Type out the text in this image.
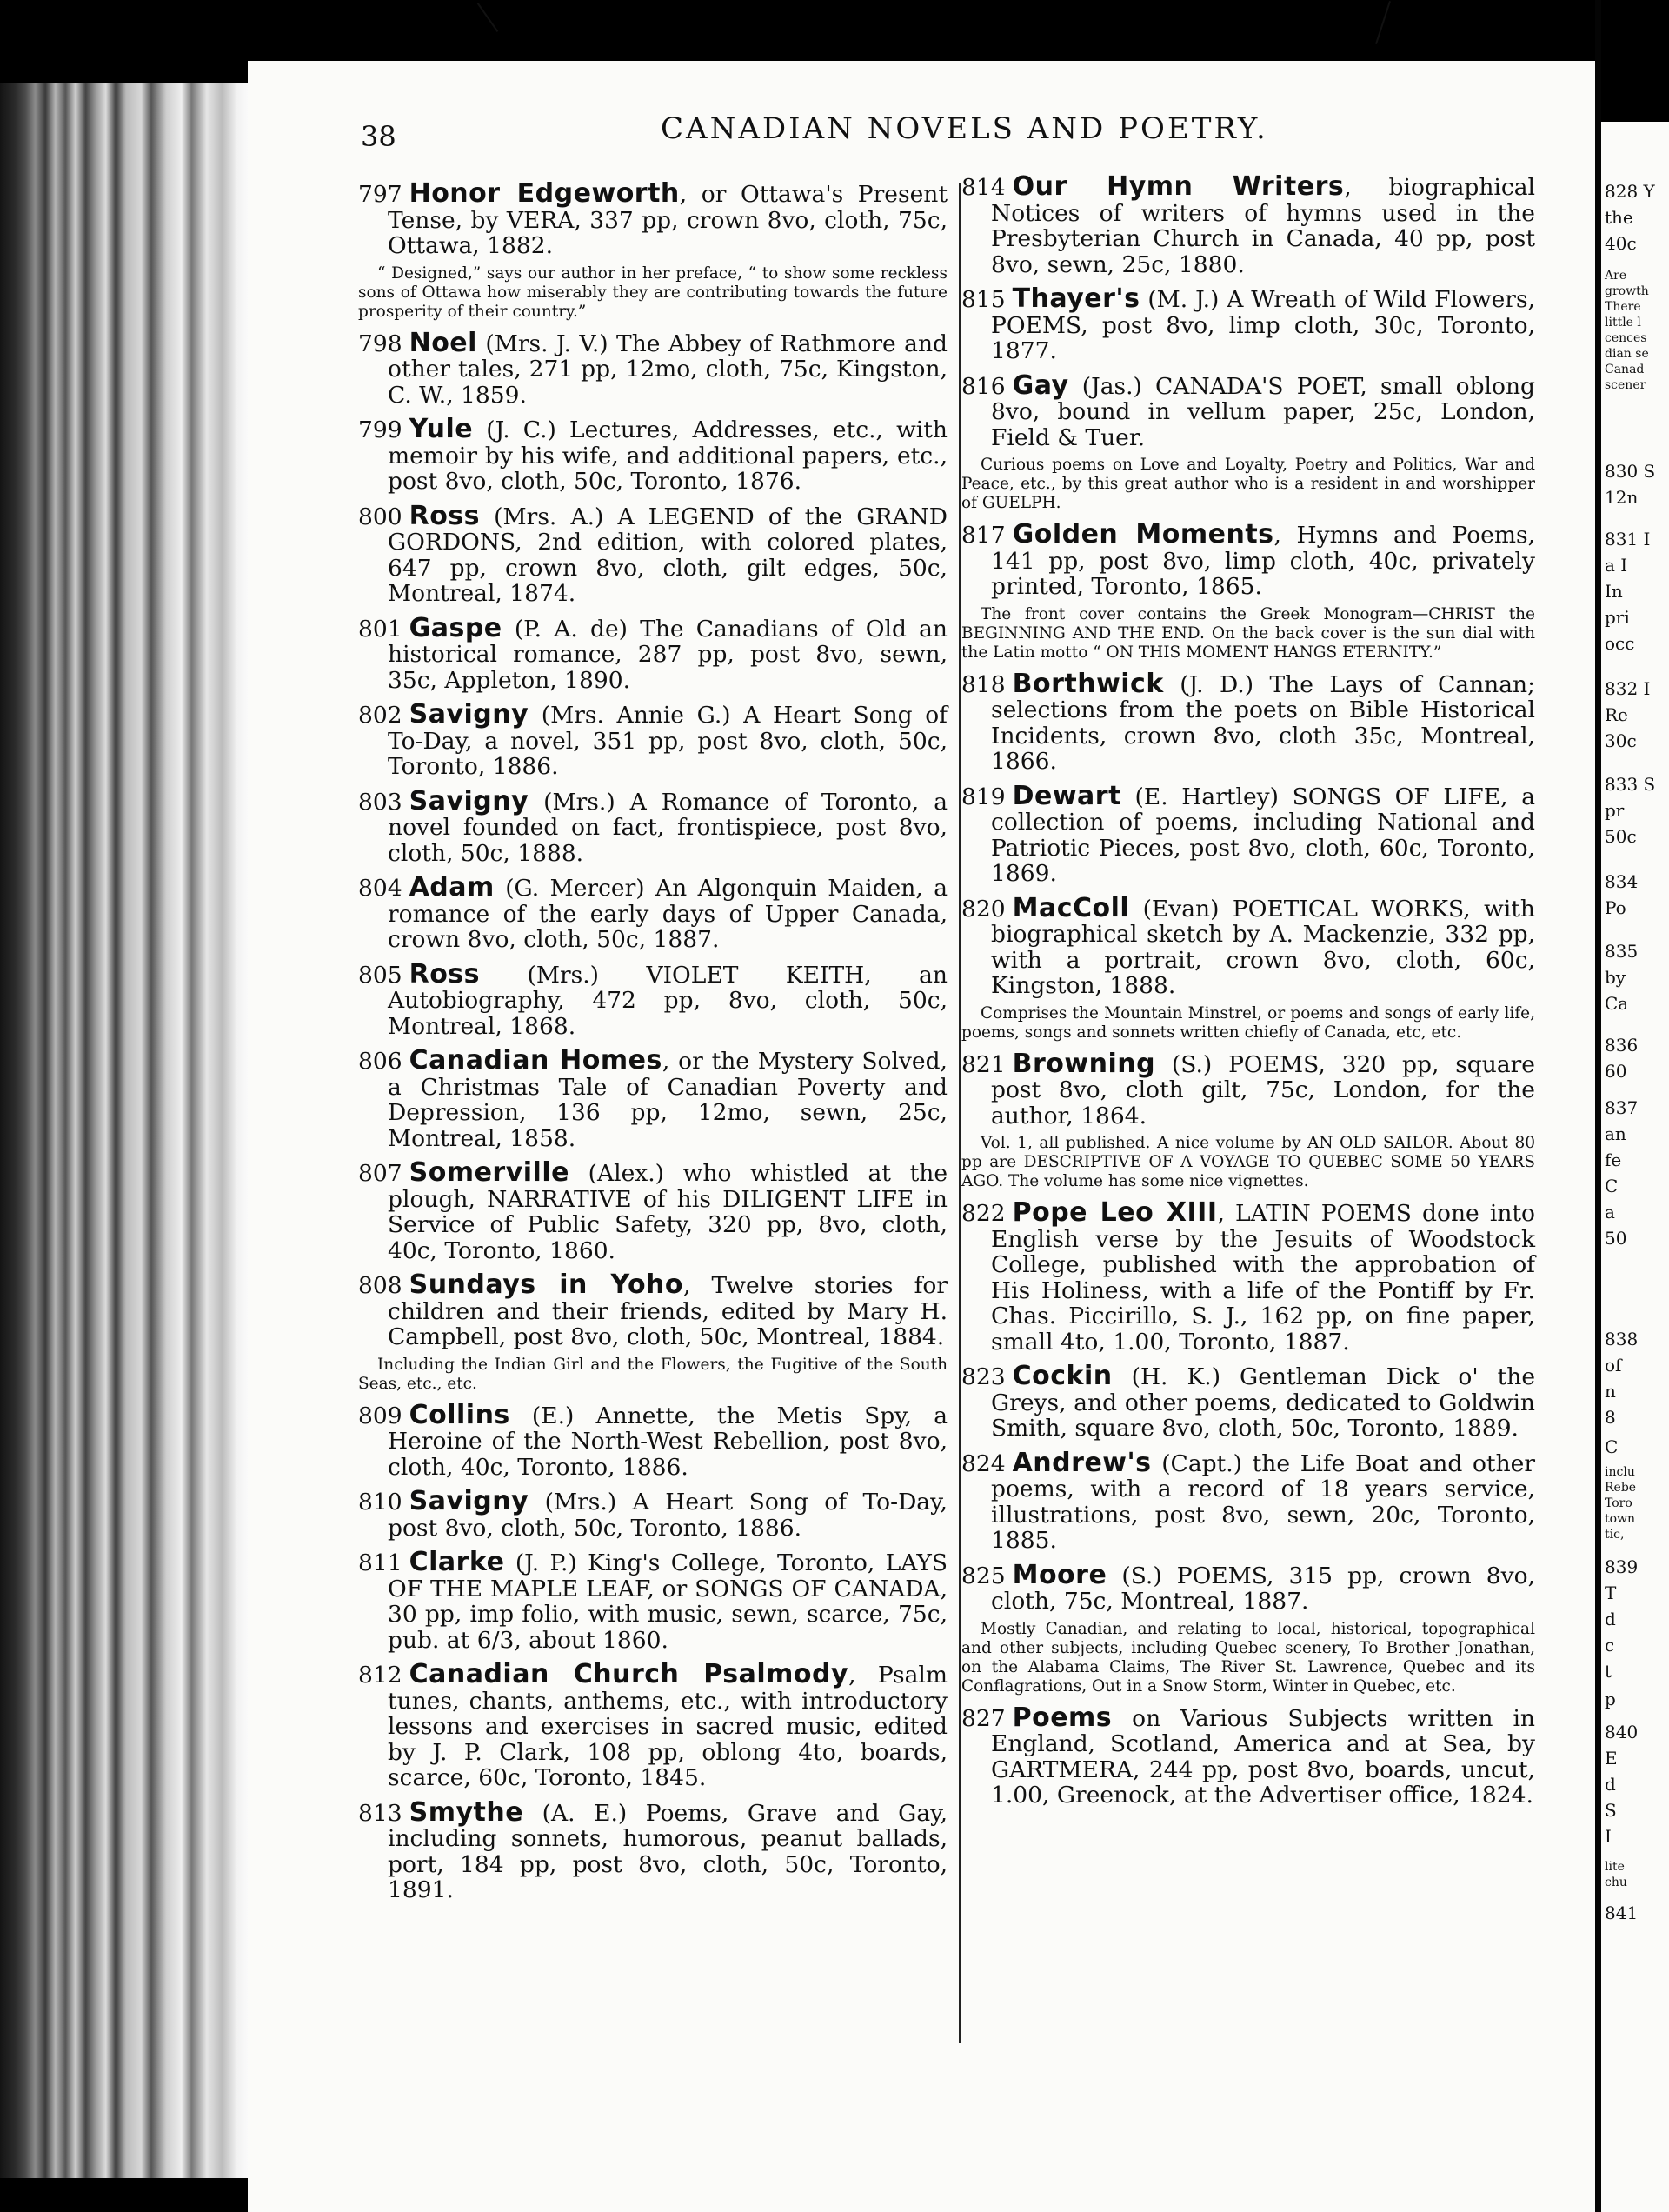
828 Y
the
40c
Are
growth
There
little l
cences
dian se
Canad
scener
830 S
12n
831 I
a I
In
pri
occ
832 I
Re
30c
833 S
pr
50c
834
Po
835
by
Ca
836
60
837
an
fe
C
a
50
838
of
n
8
C
inclu
Rebe
Toro
town
tic,
839
T
d
c
t
p
840
E
d
S
I
lite
chu
841
38	CANADIAN NOVELS AND POETRY.

797 Honor Edgeworth, or Ottawa's Present Tense, by VERA, 337 pp, crown 8vo, cloth, 75c, Ottawa, 1882.

“ Designed,” says our author in her preface, “ to show some reckless sons of Ottawa how miserably they are contributing towards the future prosperity of their country.”

798 Noel (Mrs. J. V.) The Abbey of Rathmore and other tales, 271 pp, 12mo, cloth, 75c, Kingston, C. W., 1859.

799 Yule (J. C.) Lectures, Addresses, etc., with memoir by his wife, and additional papers, etc., post 8vo, cloth, 50c, Toronto, 1876.

800 Ross (Mrs. A.) A LEGEND of the GRAND GORDONS, 2nd edition, with colored plates, 647 pp, crown 8vo, cloth, gilt edges, 50c, Montreal, 1874.

801 Gaspe (P. A. de) The Canadians of Old an historical romance, 287 pp, post 8vo, sewn, 35c, Appleton, 1890.

802 Savigny (Mrs. Annie G.) A Heart Song of To-Day, a novel, 351 pp, post 8vo, cloth, 50c, Toronto, 1886.

803 Savigny (Mrs.) A Romance of Toronto, a novel founded on fact, frontispiece, post 8vo, cloth, 50c, 1888.

804 Adam (G. Mercer) An Algonquin Maiden, a romance of the early days of Upper Canada, crown 8vo, cloth, 50c, 1887.

805 Ross (Mrs.) VIOLET KEITH, an Autobiography, 472 pp, 8vo, cloth, 50c, Montreal, 1868.

806 Canadian Homes, or the Mystery Solved, a Christmas Tale of Canadian Poverty and Depression, 136 pp, 12mo, sewn, 25c, Montreal, 1858.

807 Somerville (Alex.) who whistled at the plough, NARRATIVE of his DILIGENT LIFE in Service of Public Safety, 320 pp, 8vo, cloth, 40c, Toronto, 1860.

808 Sundays in Yoho, Twelve stories for children and their friends, edited by Mary H. Campbell, post 8vo, cloth, 50c, Montreal, 1884.

Including the Indian Girl and the Flowers, the Fugitive of the South Seas, etc., etc.

809 Collins (E.) Annette, the Metis Spy, a Heroine of the North-West Rebellion, post 8vo, cloth, 40c, Toronto, 1886.

810 Savigny (Mrs.) A Heart Song of To-Day, post 8vo, cloth, 50c, Toronto, 1886.

811 Clarke (J. P.) King's College, Toronto, LAYS OF THE MAPLE LEAF, or SONGS OF CANADA, 30 pp, imp folio, with music, sewn, scarce, 75c, pub. at 6/3, about 1860.

812 Canadian Church Psalmody, Psalm tunes, chants, anthems, etc., with introductory lessons and exercises in sacred music, edited by J. P. Clark, 108 pp, oblong 4to, boards, scarce, 60c, Toronto, 1845.

813 Smythe (A. E.) Poems, Grave and Gay, including sonnets, humorous, peanut ballads, port, 184 pp, post 8vo, cloth, 50c, Toronto, 1891.

814 Our Hymn Writers, biographical Notices of writers of hymns used in the Presbyterian Church in Canada, 40 pp, post 8vo, sewn, 25c, 1880.

815 Thayer's (M. J.) A Wreath of Wild Flowers, POEMS, post 8vo, limp cloth, 30c, Toronto, 1877.

816 Gay (Jas.) CANADA'S POET, small oblong 8vo, bound in vellum paper, 25c, London, Field & Tuer.

Curious poems on Love and Loyalty, Poetry and Politics, War and Peace, etc., by this great author who is a resident in and worshipper of GUELPH.

817 Golden Moments, Hymns and Poems, 141 pp, post 8vo, limp cloth, 40c, privately printed, Toronto, 1865.

The front cover contains the Greek Monogram—CHRIST the BEGINNING AND THE END. On the back cover is the sun dial with the Latin motto “ ON THIS MOMENT HANGS ETERNITY.”

818 Borthwick (J. D.) The Lays of Cannan; selections from the poets on Bible Historical Incidents, crown 8vo, cloth 35c, Montreal, 1866.

819 Dewart (E. Hartley) SONGS OF LIFE, a collection of poems, including National and Patriotic Pieces, post 8vo, cloth, 60c, Toronto, 1869.

820 MacColl (Evan) POETICAL WORKS, with biographical sketch by A. Mackenzie, 332 pp, with a portrait, crown 8vo, cloth, 60c, Kingston, 1888.

Comprises the Mountain Minstrel, or poems and songs of early life, poems, songs and sonnets written chiefly of Canada, etc, etc.

821 Browning (S.) POEMS, 320 pp, square post 8vo, cloth gilt, 75c, London, for the author, 1864.

Vol. 1, all published. A nice volume by AN OLD SAILOR. About 80 pp are DESCRIPTIVE OF A VOYAGE TO QUEBEC SOME 50 YEARS AGO. The volume has some nice vignettes.

822 Pope Leo XIII, LATIN POEMS done into English verse by the Jesuits of Woodstock College, published with the approbation of His Holiness, with a life of the Pontiff by Fr. Chas. Piccirillo, S. J., 162 pp, on fine paper, small 4to, 1.00, Toronto, 1887.

823 Cockin (H. K.) Gentleman Dick o' the Greys, and other poems, dedicated to Goldwin Smith, square 8vo, cloth, 50c, Toronto, 1889.

824 Andrew's (Capt.) the Life Boat and other poems, with a record of 18 years service, illustrations, post 8vo, sewn, 20c, Toronto, 1885.

825 Moore (S.) POEMS, 315 pp, crown 8vo, cloth, 75c, Montreal, 1887.

Mostly Canadian, and relating to local, historical, topographical and other subjects, including Quebec scenery, To Brother Jonathan, on the Alabama Claims, The River St. Lawrence, Quebec and its Conflagrations, Out in a Snow Storm, Winter in Quebec, etc.

827 Poems on Various Subjects written in England, Scotland, America and at Sea, by GARTMERA, 244 pp, post 8vo, boards, uncut, 1.00, Greenock, at the Advertiser office, 1824.
